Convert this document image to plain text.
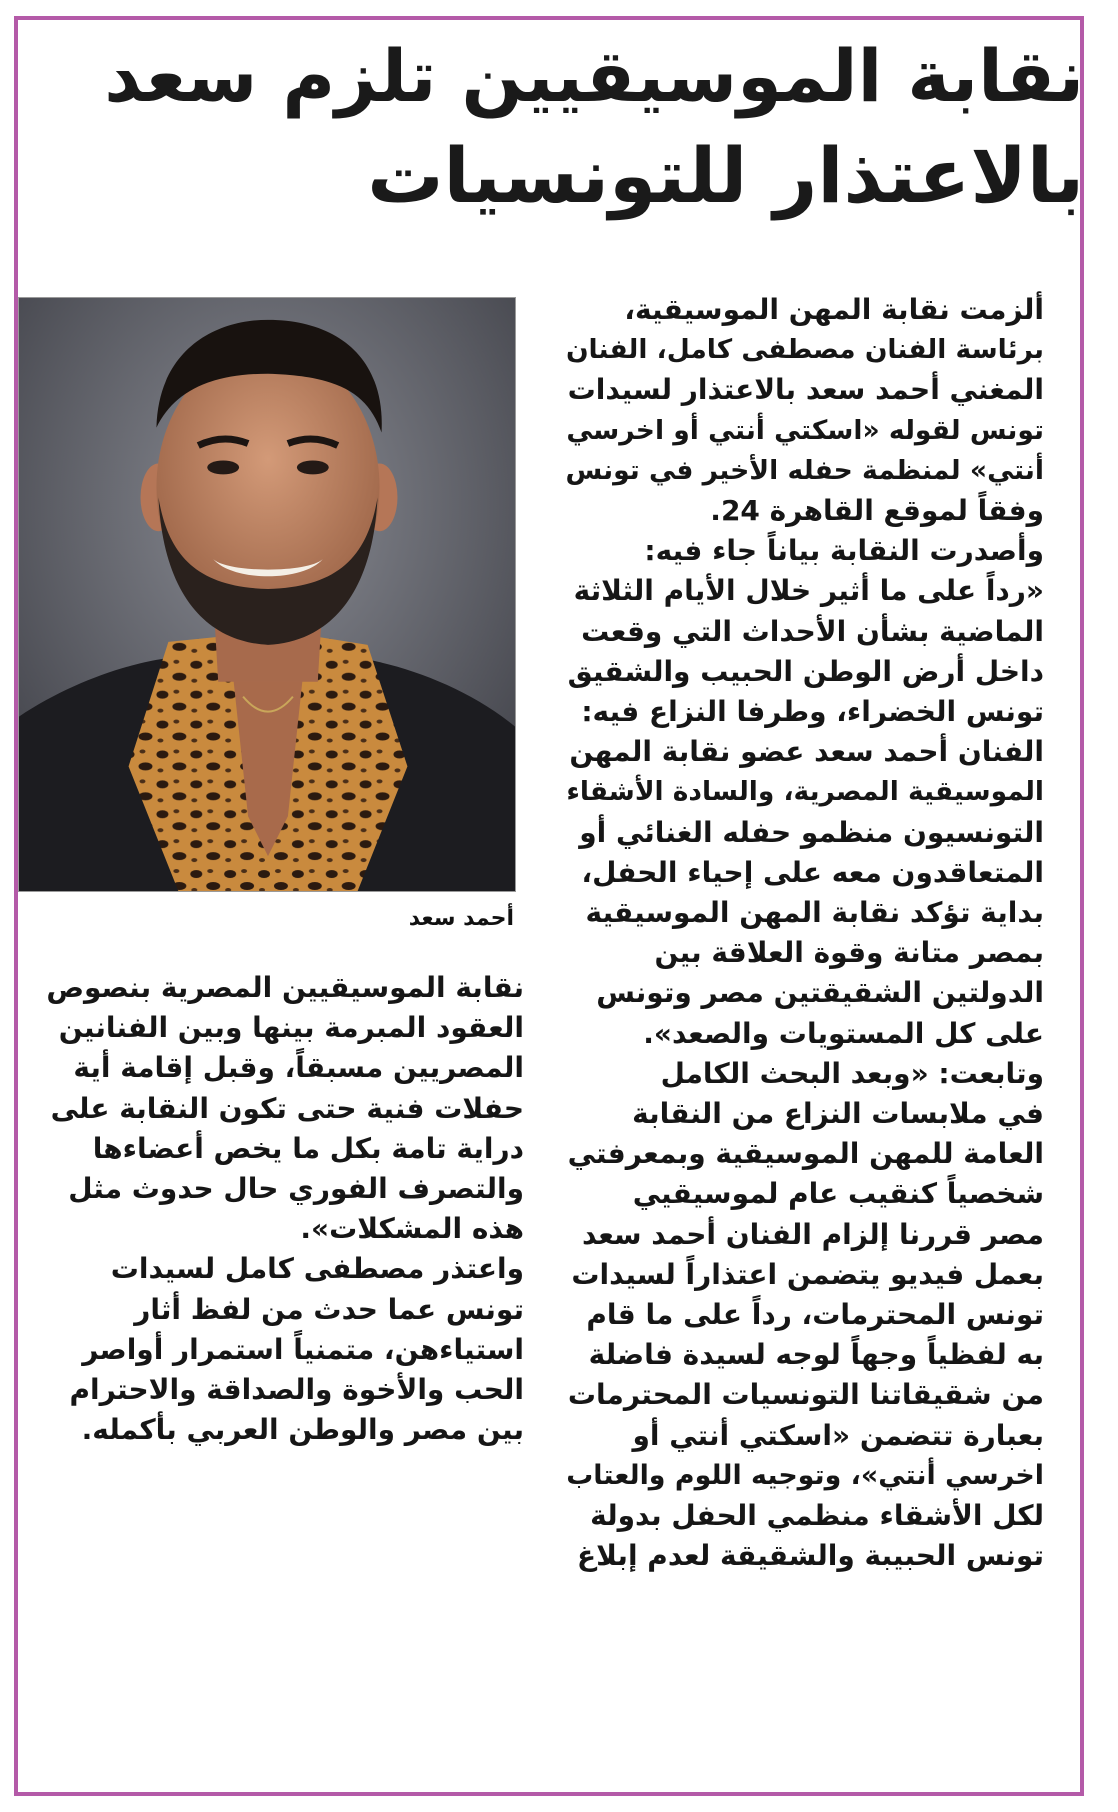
نقابة الموسيقيين تلزم سعد
بالاعتذار للتونسيات
أحمد سعد
ألزمت نقابة المهن الموسيقية،
برئاسة الفنان مصطفى كامل، الفنان
المغني أحمد سعد بالاعتذار لسيدات
تونس لقوله «اسكتي أنتي أو اخرسي
أنتي» لمنظمة حفله الأخير في تونس
وفقاً لموقع القاهرة 24.
وأصدرت النقابة بياناً جاء فيه:
«رداً على ما أثير خلال الأيام الثلاثة
الماضية بشأن الأحداث التي وقعت
داخل أرض الوطن الحبيب والشقيق
تونس الخضراء، وطرفا النزاع فيه:
الفنان أحمد سعد عضو نقابة المهن
الموسيقية المصرية، والسادة الأشقاء
التونسيون منظمو حفله الغنائي أو
المتعاقدون معه على إحياء الحفل،
بداية تؤكد نقابة المهن الموسيقية
بمصر متانة وقوة العلاقة بين
الدولتين الشقيقتين مصر وتونس
على كل المستويات والصعد».
وتابعت: «وبعد البحث الكامل
في ملابسات النزاع من النقابة
العامة للمهن الموسيقية وبمعرفتي
شخصياً كنقيب عام لموسيقيي
مصر قررنا إلزام الفنان أحمد سعد
بعمل فيديو يتضمن اعتذاراً لسيدات
تونس المحترمات، رداً على ما قام
به لفظياً وجهاً لوجه لسيدة فاضلة
من شقيقاتنا التونسيات المحترمات
بعبارة تتضمن «اسكتي أنتي أو
اخرسي أنتي»، وتوجيه اللوم والعتاب
لكل الأشقاء منظمي الحفل بدولة
تونس الحبيبة والشقيقة لعدم إبلاغ
نقابة الموسيقيين المصرية بنصوص
العقود المبرمة بينها وبين الفنانين
المصريين مسبقاً، وقبل إقامة أية
حفلات فنية حتى تكون النقابة على
دراية تامة بكل ما يخص أعضاءها
والتصرف الفوري حال حدوث مثل
هذه المشكلات».
واعتذر مصطفى كامل لسيدات
تونس عما حدث من لفظ أثار
استياءهن، متمنياً استمرار أواصر
الحب والأخوة والصداقة والاحترام
بين مصر والوطن العربي بأكمله.
